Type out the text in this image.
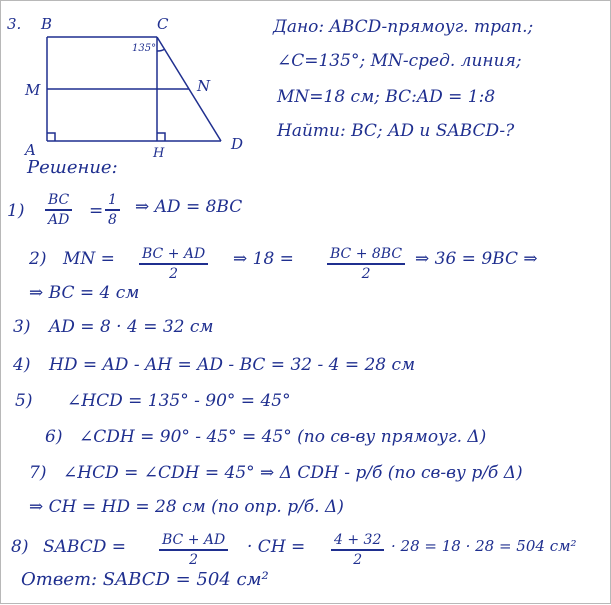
3. B	C
M	N
A	H
D
135°
Дано: ABCD-прямоуг. трап.;
∠C=135°; MN-сред. линия;
MN=18 см; BC:AD = 1:8
Найти: BC; AD и SABCD-?
Решение:
$1) \frac{BC}{AD} = \frac{1}{8}$ ⇒ AD = 8BC
2) MN = $\frac{BC + AD}{2}$ ⇒ $18 = \frac{BC + 8BC}{2}$ ⇒ 36 = 9BC ⇒
⇒ BC = 4 см
3) AD = 8 · 4 = 32 см
4) HD = AD - AH = AD - BC = 32 - 4 = 28 см
5) ∠HCD = 135° - 90° = 45°
6) ∠CDH = 90° - 45° = 45° (по св-ву прямоуг. Δ)
7) ∠HCD = ∠CDH = 45° ⇒ Δ CDH - р/б (по св-ву р/б Δ)
⇒ CH = HD = 28 см (по опр. р/б. Δ)
8) SABCD = $\frac{BC + AD}{2}$ · CH = $\frac{4 + 32}{2} \cdot 28 = 18 \cdot 28 = 504$ см²
Ответ: SABCD = 504 см²
